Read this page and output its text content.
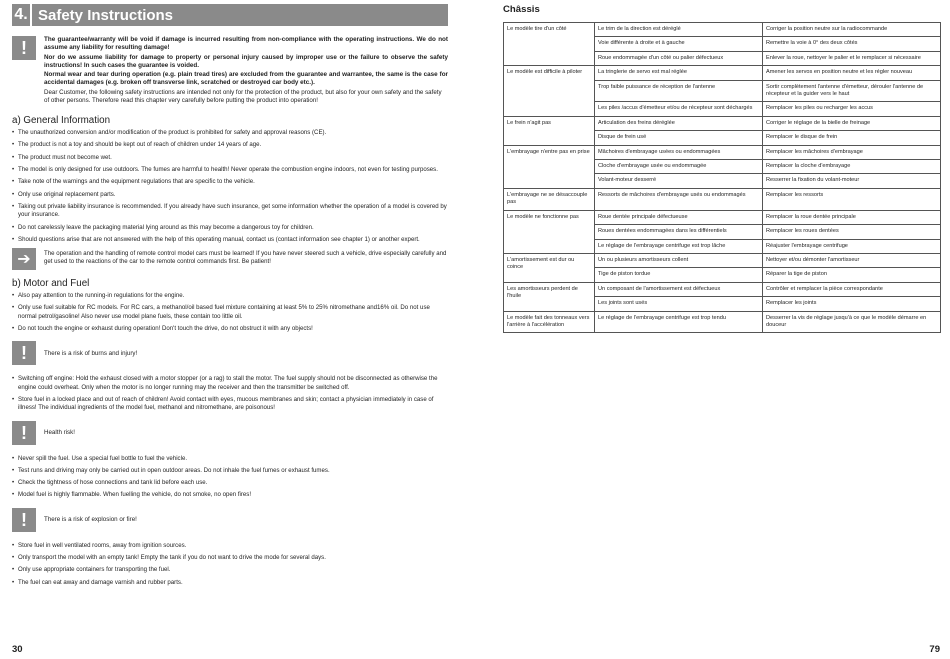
4. Safety Instructions
!	The guarantee/warranty will be void if damage is incurred resulting from non-compliance with the operating instructions. We do not assume any liability for resulting damage!

Nor do we assume liability for damage to property or personal injury caused by improper use or the failure to observe the safety instructions! In such cases the guarantee is voided.

Normal wear and tear during operation (e.g. plain tread tires) are excluded from the guarantee and warrantee, the same is the case for accidental damages (e.g. broken off transverse link, scratched or destroyed car body etc.).

Dear Customer, the following safety instructions are intended not only for the protection of the product, but also for your own safety and the safety of other persons. Therefore read this chapter very carefully before putting the product into operation!

a) General Information
• The unauthorized conversion and/or modification of the product is prohibited for safety and approval reasons (CE).
• The product is not a toy and should be kept out of reach of children under 14 years of age.
• The product must not become wet.
• The model is only designed for use outdoors. The fumes are harmful to health! Never operate the combustion engine indoors, not even for testing purposes.
• Take note of the warnings and the equipment regulations that are specific to the vehicle.
• Only use original replacement parts.
• Taking out private liability insurance is recommended. If you already have such insurance, get some information whether the operation of a model is covered by your insurance.
• Do not carelessly leave the packaging material lying around as this may become a dangerous toy for children.
• Should questions arise that are not answered with the help of this operating manual, contact us (contact information see chapter 1) or another expert.
➔	The operation and the handling of remote control model cars must be learned! If you have never steered such a vehicle, drive especially carefully and get used to the reactions of the car to the remote control commands first. Be patient!
b) Motor and Fuel
• Also pay attention to the running-in regulations for the engine.
• Only use fuel suitable for RC models. For RC cars, a methanol/oil based fuel mixture containing at least 5% to 25% nitromethane and16% oil. Do not use normal petrol/gasoline! Also never use model plane fuels, these contain too little oil.
• Do not touch the engine or exhaust during operation! Don't touch the drive, do not obstruct it with any objects!
!	There is a risk of burns and injury!
• Switching off engine: Hold the exhaust closed with a motor stopper (or a rag) to stall the motor. The fuel supply should not be disconnected as otherwise the engine could overheat. Only when the motor is no longer running may the receiver and then the transmitter be switched off.
• Store fuel in a locked place and out of reach of children! Avoid contact with eyes, mucous membranes and skin; contact a physician immediately in case of illness! The individual ingredients of the model fuel, methanol and nitromethane, are poisonous!
!	Health risk!
• Never spill the fuel. Use a special fuel bottle to fuel the vehicle.
• Test runs and driving may only be carried out in open outdoor areas. Do not inhale the fuel fumes or exhaust fumes.
• Check the tightness of hose connections and tank lid before each use.
• Model fuel is highly flammable. When fuelling the vehicle, do not smoke, no open fires!
!	There is a risk of explosion or fire!
• Store fuel in well ventilated rooms, away from ignition sources.
• Only transport the model with an empty tank! Empty the tank if you do not want to drive the mode for several days.
• Only use appropriate containers for transporting the fuel.
• The fuel can eat away and damage varnish and rubber parts.
30
Châssis
Le modèle tire d'un côté	Le trim de la direction est déréglé	Corriger la position neutre sur la radiocommande
	Voie différente à droite et à gauche	Remettre la voie à 0° des deux côtés
	Roue endommagée d'un côté ou palier défectueux	Enlever la roue, nettoyer le palier et le remplacer si nécessaire
Le modèle est difficile à piloter	La tringlerie de servo est mal réglée	Amener les servos en position neutre et les régler nouveau
	Trop faible puissance de réception de l'antenne	Sortir complètement l'antenne d'émetteur, dérouler l'antenne de récepteur et la guider vers le haut
	Les piles /accus d'émetteur et/ou de récepteur sont déchargés	Remplacer les piles ou recharger les accus
Le frein n'agit pas	Articulation des freins déréglée	Corriger le réglage de la bielle de freinage
	Disque de frein usé	Remplacer le disque de frein
L'embrayage n'entre pas en prise	Mâchoires d'embrayage usées ou endommagées	Remplacer les mâchoires d'embrayage
	Cloche d'embrayage usée ou endommagée	Remplacer la cloche d'embrayage
	Volant-moteur desserré	Resserrer la fixation du volant-moteur
L'embrayage ne se désaccouple pas	Ressorts de mâchoires d'embrayage usés ou endommagés	Remplacer les ressorts
Le modèle ne fonctionne pas	Roue dentée principale défectueuse	Remplacer la roue dentée principale
	Roues dentées endommagées dans les différentiels	Remplacer les roues dentées
	Le réglage de l'embrayage centrifuge est trop lâche	Réajuster l'embrayage centrifuge
L'amortissement est dur ou coince	Un ou plusieurs amortisseurs collent	Nettoyer et/ou démonter l'amortisseur
	Tige de piston tordue	Réparer la tige de piston
Les amortisseurs perdent de l'huile	Un composant de l'amortissement est défectueux	Contrôler et remplacer la pièce correspondante
	Les joints sont usés	Remplacer les joints
Le modèle fait des tonneaux vers l'arrière à l'accélération	Le réglage de l'embrayage centrifuge est trop tendu	Desserrer la vis de réglage jusqu'à ce que le modèle démarre en douceur
79
